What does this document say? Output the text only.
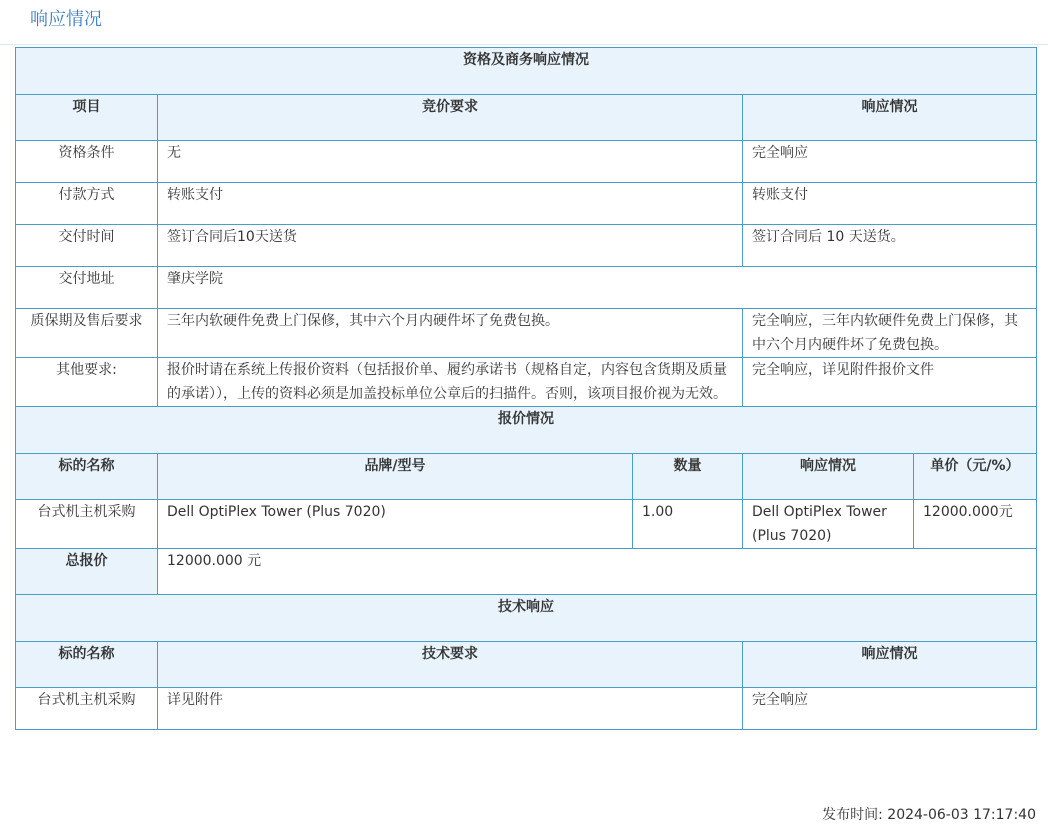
响应情况
资格及商务响应情况				
项目	竞价要求		响应情况	
资格条件	无		完全响应	
付款方式	转账支付		转账支付	
交付时间	签订合同后10天送货		签订合同后 10 天送货。	
交付地址	肇庆学院			
质保期及售后要求	三年内软硬件免费上门保修，其中六个月内硬件坏了免费包换。		完全响应，三年内软硬件免费上门保修，其中六个月内硬件坏了免费包换。	
其他要求:	报价时请在系统上传报价资料（包括报价单、履约承诺书（规格自定，内容包含货期及质量的承诺）），上传的资料必须是加盖投标单位公章后的扫描件。否则，该项目报价视为无效。		完全响应，详见附件报价文件	
报价情况				
标的名称	品牌/型号	数量	响应情况	单价（元/%）
台式机主机采购	Dell OptiPlex Tower (Plus 7020)	1.00	Dell OptiPlex Tower (Plus 7020)	12000.000元
总报价	12000.000 元			
技术响应				
标的名称	技术要求		响应情况	
台式机主机采购	详见附件		完全响应	
发布时间: 2024-06-03 17:17:40
